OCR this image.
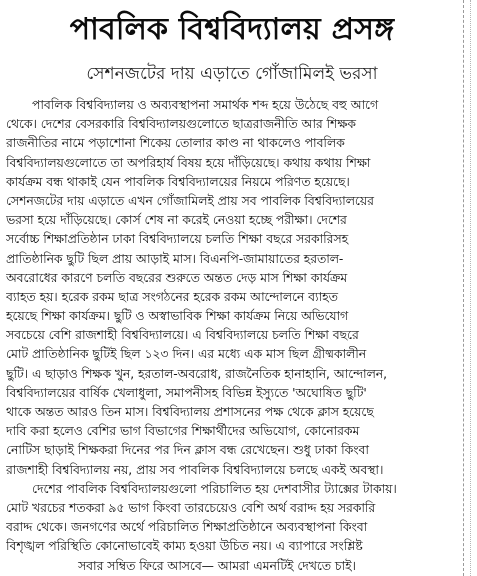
পাবলিক বিশ্ববিদ্যালয় প্রসঙ্গ
সেশনজটের দায় এড়াতে গোঁজামিলই ভরসা
পাবলিক বিশ্ববিদ্যালয় ও অব্যবস্থাপনা সমার্থক শব্দ হয়ে উঠেছে বহু আগে
থেকে। দেশের বেসরকারি বিশ্ববিদ্যালয়গুলোতে ছাত্ররাজনীতি আর শিক্ষক
রাজনীতির নামে পড়াশোনা শিকেয় তোলার কাণ্ড না থাকলেও পাবলিক
বিশ্ববিদ্যালয়গুলোতে তা অপরিহার্য বিষয় হয়ে দাঁড়িয়েছে। কথায় কথায় শিক্ষা
কার্যক্রম বন্ধ থাকাই যেন পাবলিক বিশ্ববিদ্যালয়ের নিয়মে পরিণত হয়েছে।
সেশনজটের দায় এড়াতে এখন গোঁজামিলই প্রায় সব পাবলিক বিশ্ববিদ্যালয়ের
ভরসা হয়ে দাঁড়িয়েছে। কোর্স শেষ না করেই নেওয়া হচ্ছে পরীক্ষা। দেশের
সর্বোচ্চ শিক্ষাপ্রতিষ্ঠান ঢাকা বিশ্ববিদ্যালয়ে চলতি শিক্ষা বছরে সরকারিসহ
প্রাতিষ্ঠানিক ছুটি ছিল প্রায় আড়াই মাস। বিএনপি-জামায়াতের হরতাল-
অবরোধের কারণে চলতি বছরের শুরুতে অন্তত দেড় মাস শিক্ষা কার্যক্রম
ব্যাহত হয়। হরেক রকম ছাত্র সংগঠনের হরেক রকম আন্দোলনে ব্যাহত
হয়েছে শিক্ষা কার্যক্রম। ছুটি ও অস্বাভাবিক শিক্ষা কার্যক্রম নিয়ে অভিযোগ
সবচেয়ে বেশি রাজশাহী বিশ্ববিদ্যালয়ে। এ বিশ্ববিদ্যালয়ে চলতি শিক্ষা বছরে
মোট প্রাতিষ্ঠানিক ছুটিই ছিল ১২৩ দিন। এর মধ্যে এক মাস ছিল গ্রীষ্মকালীন
ছুটি। এ ছাড়াও শিক্ষক খুন, হরতাল-অবরোধ, রাজনৈতিক হানাহানি, আন্দোলন,
বিশ্ববিদ্যালয়ের বার্ষিক খেলাধুলা, সমাপনীসহ বিভিন্ন ইস্যুতে 'অঘোষিত ছুটি'
থাকে অন্তত আরও তিন মাস। বিশ্ববিদ্যালয় প্রশাসনের পক্ষ থেকে ক্লাস হয়েছে
দাবি করা হলেও বেশির ভাগ বিভাগের শিক্ষার্থীদের অভিযোগ, কোনোরকম
নোটিস ছাড়াই শিক্ষকরা দিনের পর দিন ক্লাস বন্ধ রেখেছেন। শুধু ঢাকা কিংবা
রাজশাহী বিশ্ববিদ্যালয় নয়, প্রায় সব পাবলিক বিশ্ববিদ্যালয়ে চলছে একই অবস্থা।
দেশের পাবলিক বিশ্ববিদ্যালয়গুলো পরিচালিত হয় দেশবাসীর ট্যাক্সের টাকায়।
মোট খরচের শতকরা ৯৫ ভাগ কিংবা তারচেয়েও বেশি অর্থ বরাদ্দ হয় সরকারি
বরাদ্দ থেকে। জনগণের অর্থে পরিচালিত শিক্ষাপ্রতিষ্ঠানে অব্যবস্থাপনা কিংবা
বিশৃঙ্খল পরিস্থিতি কোনোভাবেই কাম্য হওয়া উচিত নয়। এ ব্যাপারে সংশ্লিষ্ট
সবার সম্বিত ফিরে আসবে— আমরা এমনটিই দেখতে চাই।
